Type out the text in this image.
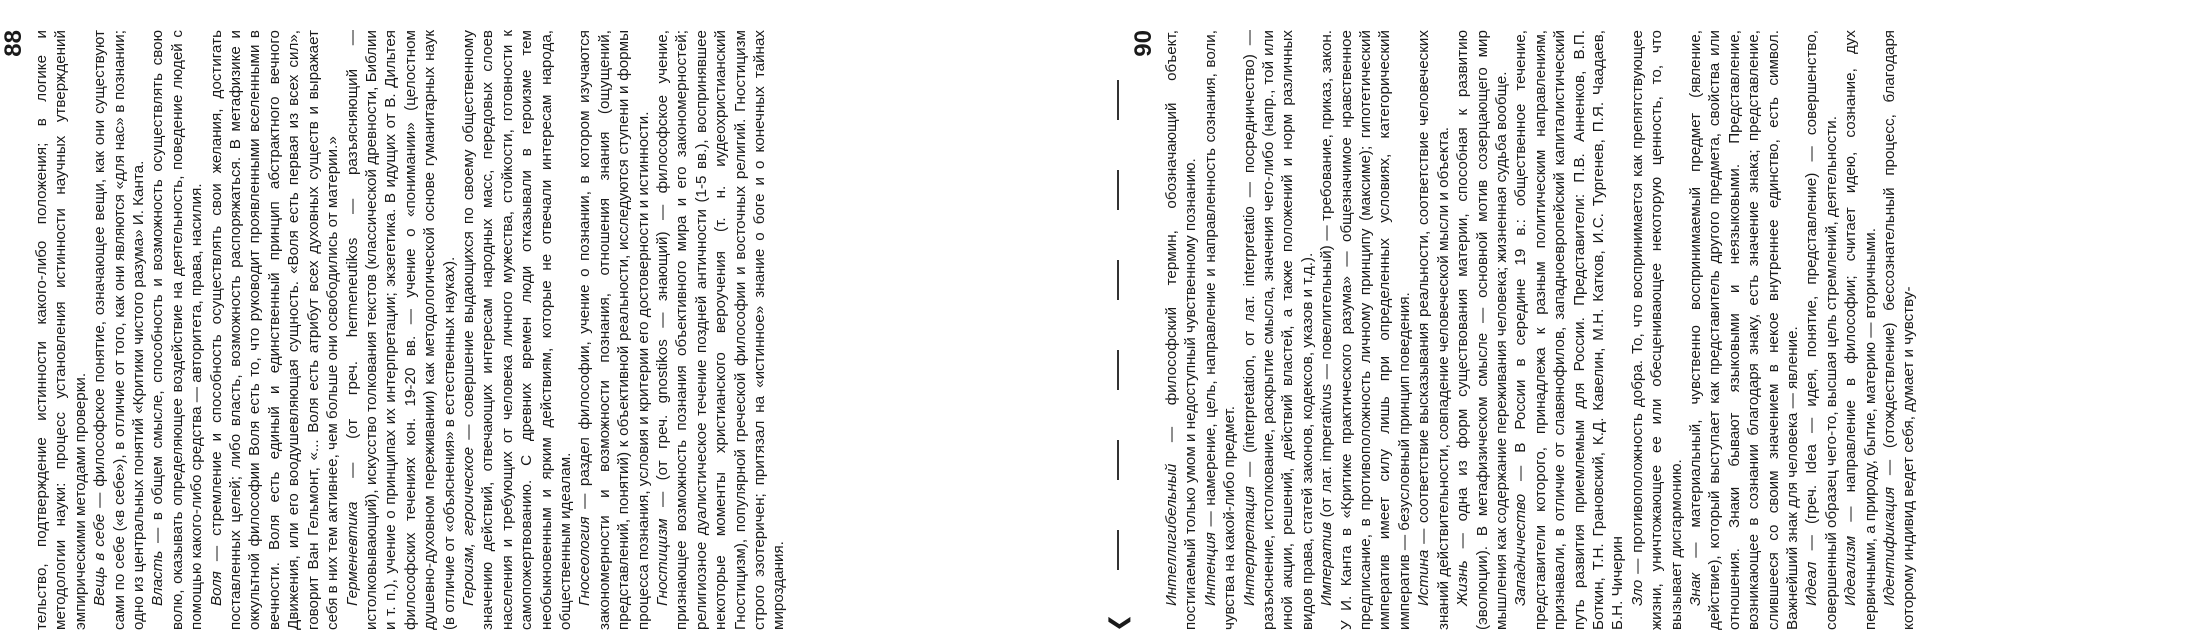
88 тельство, подтверждение истинности какого-либо положения; в логике и методологии науки: процесс установления истинности научных утверждений эмпирическими методами проверки. Вещь в себе — философское понятие, означающее вещи, как они существуют сами по себе («в себе»), в отличие от того, как они являются «для нас» в познании; одно из центральных понятий «Критики чистого разума» И. Канта. Власть — в общем смысле, способность и возможность осуществлять свою волю, оказывать определяющее воздействие на деятельность, поведение людей с помощью какого-либо средства — авторитета, права, насилия. Воля — стремление и способность осуществлять свои желания, достигать поставленных целей; либо власть, возможность распоряжаться. В метафизике и оккультной философии Воля есть то, что руководит проявленными вселенными в вечности. Воля есть единый и единственный принцип абстрактного вечного Движения, или его воодушевляющая сущность. «Воля есть первая из всех сил», говорит Ван Гельмонт, «... Воля есть атрибут всех духовных существ и выражает себя в них тем активнее, чем больше они освободились от материи.» Герменевтика — (от греч. hermeneutikos — разъясняющий — истолковывающий), искусство толкования текстов (классической древности, Библии и т. п.), учение о принципах их интерпретации; экзегетика. В идущих от В. Дильтея философских течениях кон. 19-20 вв. — учение о «понимании» (целостном душевно-духовном переживании) как методологической основе гуманитарных наук (в отличие от «объяснения» в естественных науках). Героизм, героическое — совершение выдающихся по своему общественному значению действий, отвечающих интересам народных масс, передовых слоев населения и требующих от человека личного мужества, стойкости, готовности к самопожертвованию. С древних времен люди отказывали в героизме тем необыкновенным и ярким действиям, которые не отвечали интересам народа, общественным идеалам. Гносеология — раздел философии, учение о познании, в котором изучаются закономерности и возможности познания, отношения знания (ощущений, представлений, понятий) к объективной реальности, исследуются ступени и формы процесса познания, условия и критерии его достоверности и истинности. Гностицизм — (от греч. gnostikos — знающий) — философское учение, признающее возможность познания объективного мира и его закономерностей; религиозное дуалистическое течение поздней античности (1-5 вв.), воспринявшее некоторые моменты христианского вероучения (т. н. иудеохристианский Гностицизм), популярной греческой философии и восточных религий. Гностицизм строго эзотеричен; притязал на «истинное» знание о боге и о конечных тайнах мироздания.	❮
90

Интеллигибельный — философский термин, обозначающий объект, постигаемый только умом и недоступный чувственному познанию. Интенция — намерение, цель, направление и направленность сознания, воли, чувства на какой-либо предмет. Интерпретация — (interpretation, от лат. interpretatio — посредничество) — разъяснение, истолкование, раскрытие смысла, значения чего-либо (напр., той или иной акции, решений, действий властей, а также положений и норм различных видов права, статей законов, кодексов, указов и т.д.). Императив (от лат. imperativus — повелительный) — требование, приказ, закон. У И. Канта в «Критике практического разума» — общезначимое нравственное предписание, в противоположность личному принципу (максиме); гипотетический императив имеет силу лишь при определенных условиях, категорический императив — безусловный принцип поведения. Истина — соответствие высказывания реальности, соответствие человеческих знаний действительности, совпадение человеческой мысли и объекта. Жизнь — одна из форм существования материи, способная к развитию (эволюции). В метафизическом смысле — основной мотив созерцающего мир мышления как содержание переживания человека; жизненная судьба вообще. Западничество — В России в середине 19 в.: общественное течение, представители которого, принадлежа к разным политическим направлениям, признавали, в отличие от славянофилов, западноевропейский капиталистический путь развития приемлемым для России. Представители: П.В. Анненков, В.П. Боткин, Т.Н. Грановский, К.Д. Кавелин, М.Н. Катков, И.С. Тургенев, П.Я. Чаадаев, Б.Н. Чичерин Зло — противоположность добра. То, что воспринимается как препятствующее жизни, уничтожающее ее или обесценивающее некоторую ценность, то, что вызывает дисгармонию. Знак — материальный, чувственно воспринимаемый предмет (явление, действие), который выступает как представитель другого предмета, свойства или отношения. Знаки бывают языковыми и неязыковыми. Представление, возникающее в сознании благодаря знаку, есть значение знака; представление, слившееся со своим значением в некое внутреннее единство, есть символ. Важнейший знак для человека — явление. Идеал — (греч. Idea — идея, понятие, представление) — совершенство, совершенный образец чего-то, высшая цель стремлений, деятельности. Идеализм — направление в философии; считает идею, сознание, дух первичными, а природу, бытие, материю — вторичными. Идентификация — (отождествление) бессознательный процесс, благодаря которому индивид ведет себя, думает и чувству-
